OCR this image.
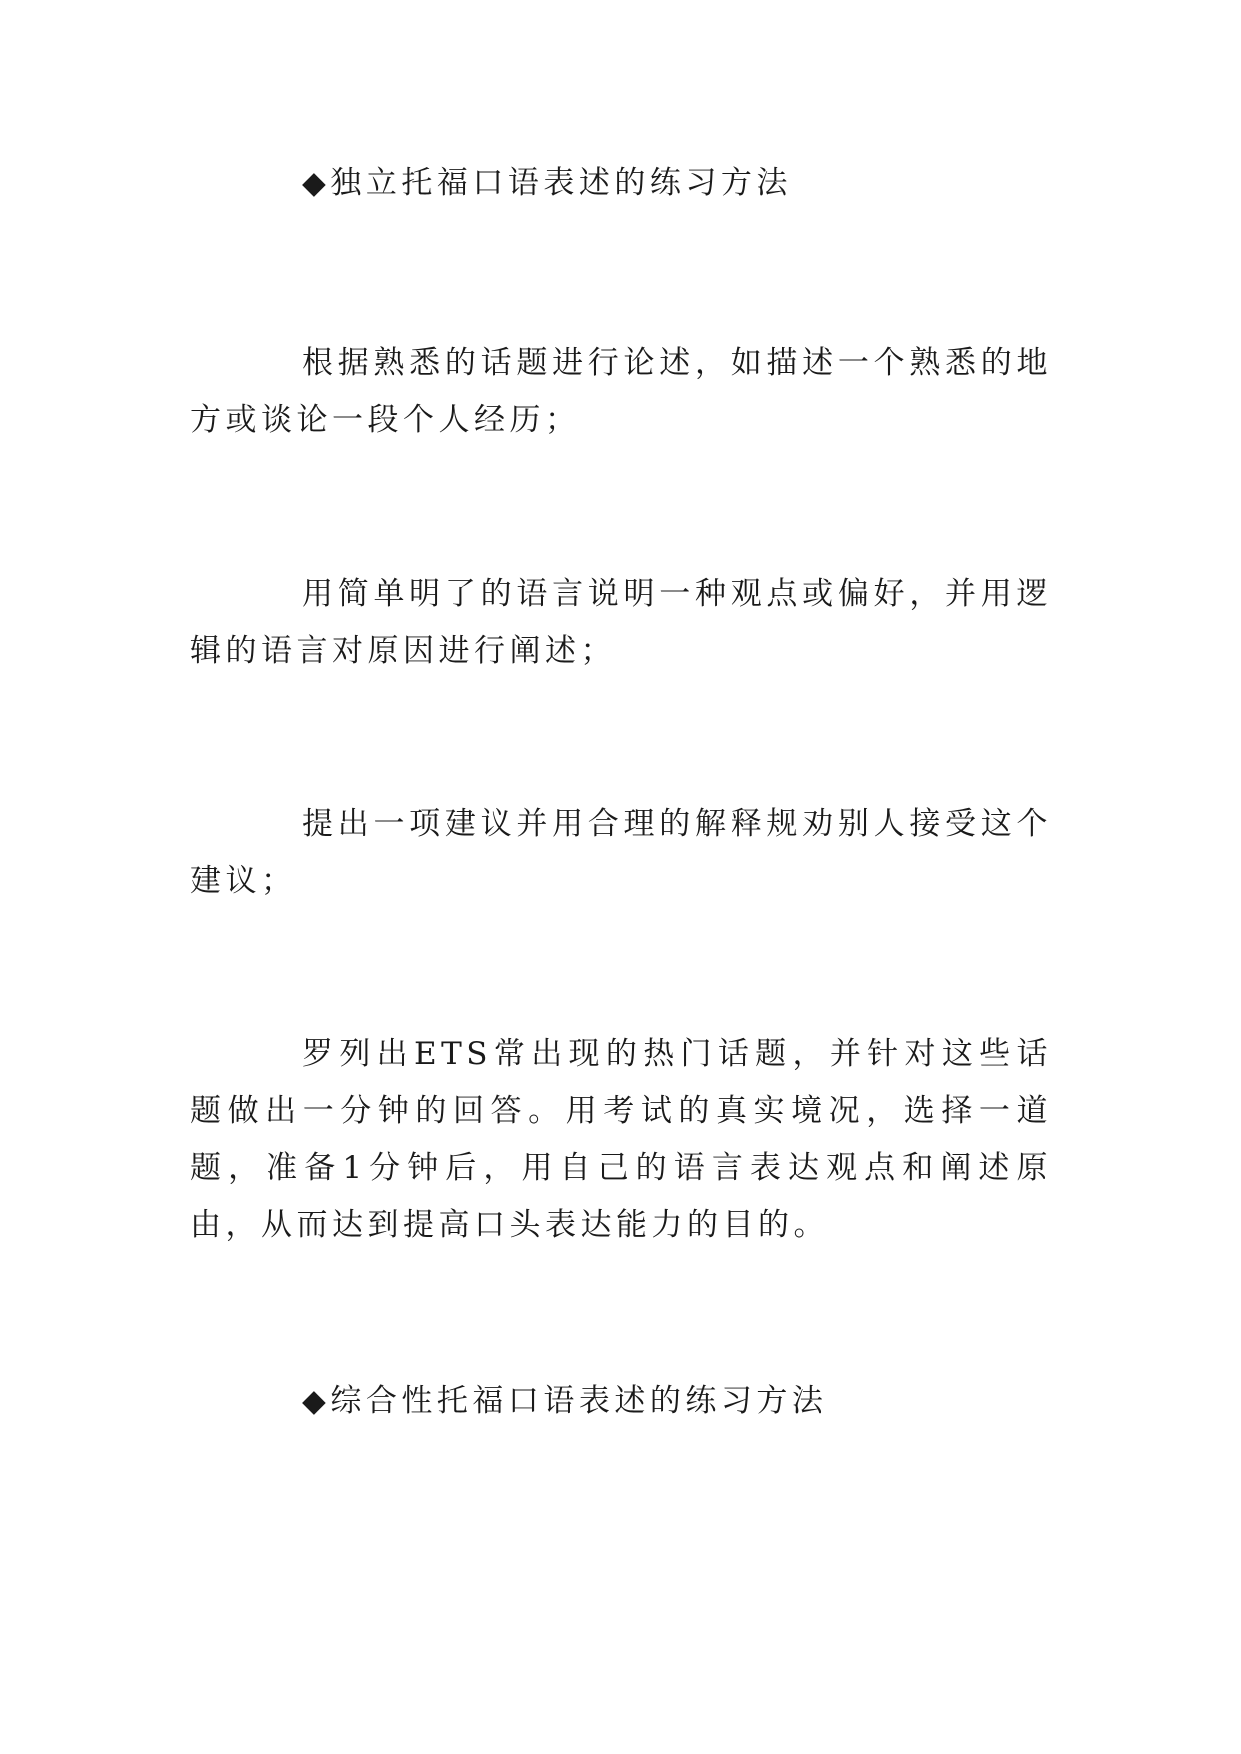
◆独立托福口语表述的练习方法

根据熟悉的话题进行论述，如描述一个熟悉的地方或谈论一段个人经历；

用简单明了的语言说明一种观点或偏好，并用逻辑的语言对原因进行阐述；

提出一项建议并用合理的解释规劝别人接受这个建议；

罗列出ETS常出现的热门话题，并针对这些话题做出一分钟的回答。用考试的真实境况，选择一道题，准备1分钟后，用自己的语言表达观点和阐述原由，从而达到提高口头表达能力的目的。

◆综合性托福口语表述的练习方法
